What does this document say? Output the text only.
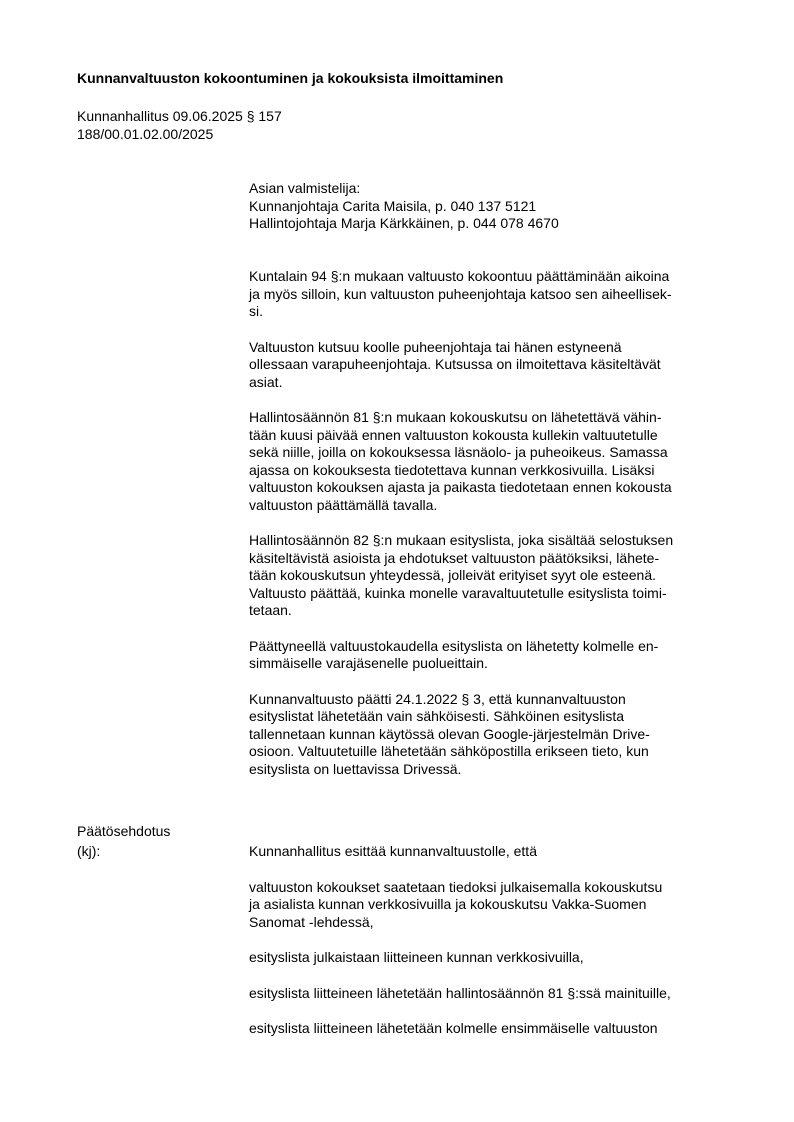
Kunnanvaltuuston kokoontuminen ja kokouksista ilmoittaminen
Kunnanhallitus 09.06.2025 § 157
188/00.01.02.00/2025
Asian valmistelija:
Kunnanjohtaja Carita Maisila, p. 040 137 5121
Hallintojohtaja Marja Kärkkäinen, p. 044 078 4670
Kuntalain 94 §:n mukaan valtuusto kokoontuu päättäminään aikoina
ja myös silloin, kun valtuuston puheenjohtaja katsoo sen aiheellisek-
si.
Valtuuston kutsuu koolle puheenjohtaja tai hänen estyneenä
ollessaan varapuheenjohtaja. Kutsussa on ilmoitettava käsiteltävät
asiat.
Hallintosäännön 81 §:n mukaan kokouskutsu on lähetettävä vähin-
tään kuusi päivää ennen valtuuston kokousta kullekin valtuutetulle
sekä niille, joilla on kokouksessa läsnäolo- ja puheoikeus. Samassa
ajassa on kokouksesta tiedotettava kunnan verkkosivuilla. Lisäksi
valtuuston kokouksen ajasta ja paikasta tiedotetaan ennen kokousta
valtuuston päättämällä tavalla.
Hallintosäännön 82 §:n mukaan esityslista, joka sisältää selostuksen
käsiteltävistä asioista ja ehdotukset valtuuston päätöksiksi, lähete-
tään kokouskutsun yhteydessä, jolleivät erityiset syyt ole esteenä.
Valtuusto päättää, kuinka monelle varavaltuutetulle esityslista toimi-
tetaan.
Päättyneellä valtuustokaudella esityslista on lähetetty kolmelle en-
simmäiselle varajäsenelle puolueittain.
Kunnanvaltuusto päätti 24.1.2022 § 3, että kunnanvaltuuston
esityslistat lähetetään vain sähköisesti. Sähköinen esityslista
tallennetaan kunnan käytössä olevan Google-järjestelmän Drive-
osioon. Valtuutetuille lähetetään sähköpostilla erikseen tieto, kun
esityslista on luettavissa Drivessä.
Päätösehdotus
(kj):	Kunnanhallitus esittää kunnanvaltuustolle, että
valtuuston kokoukset saatetaan tiedoksi julkaisemalla kokouskutsu
ja asialista kunnan verkkosivuilla ja kokouskutsu Vakka-Suomen
Sanomat -lehdessä,
esityslista julkaistaan liitteineen kunnan verkkosivuilla,
esityslista liitteineen lähetetään hallintosäännön 81 §:ssä mainituille,
esityslista liitteineen lähetetään kolmelle ensimmäiselle valtuuston
